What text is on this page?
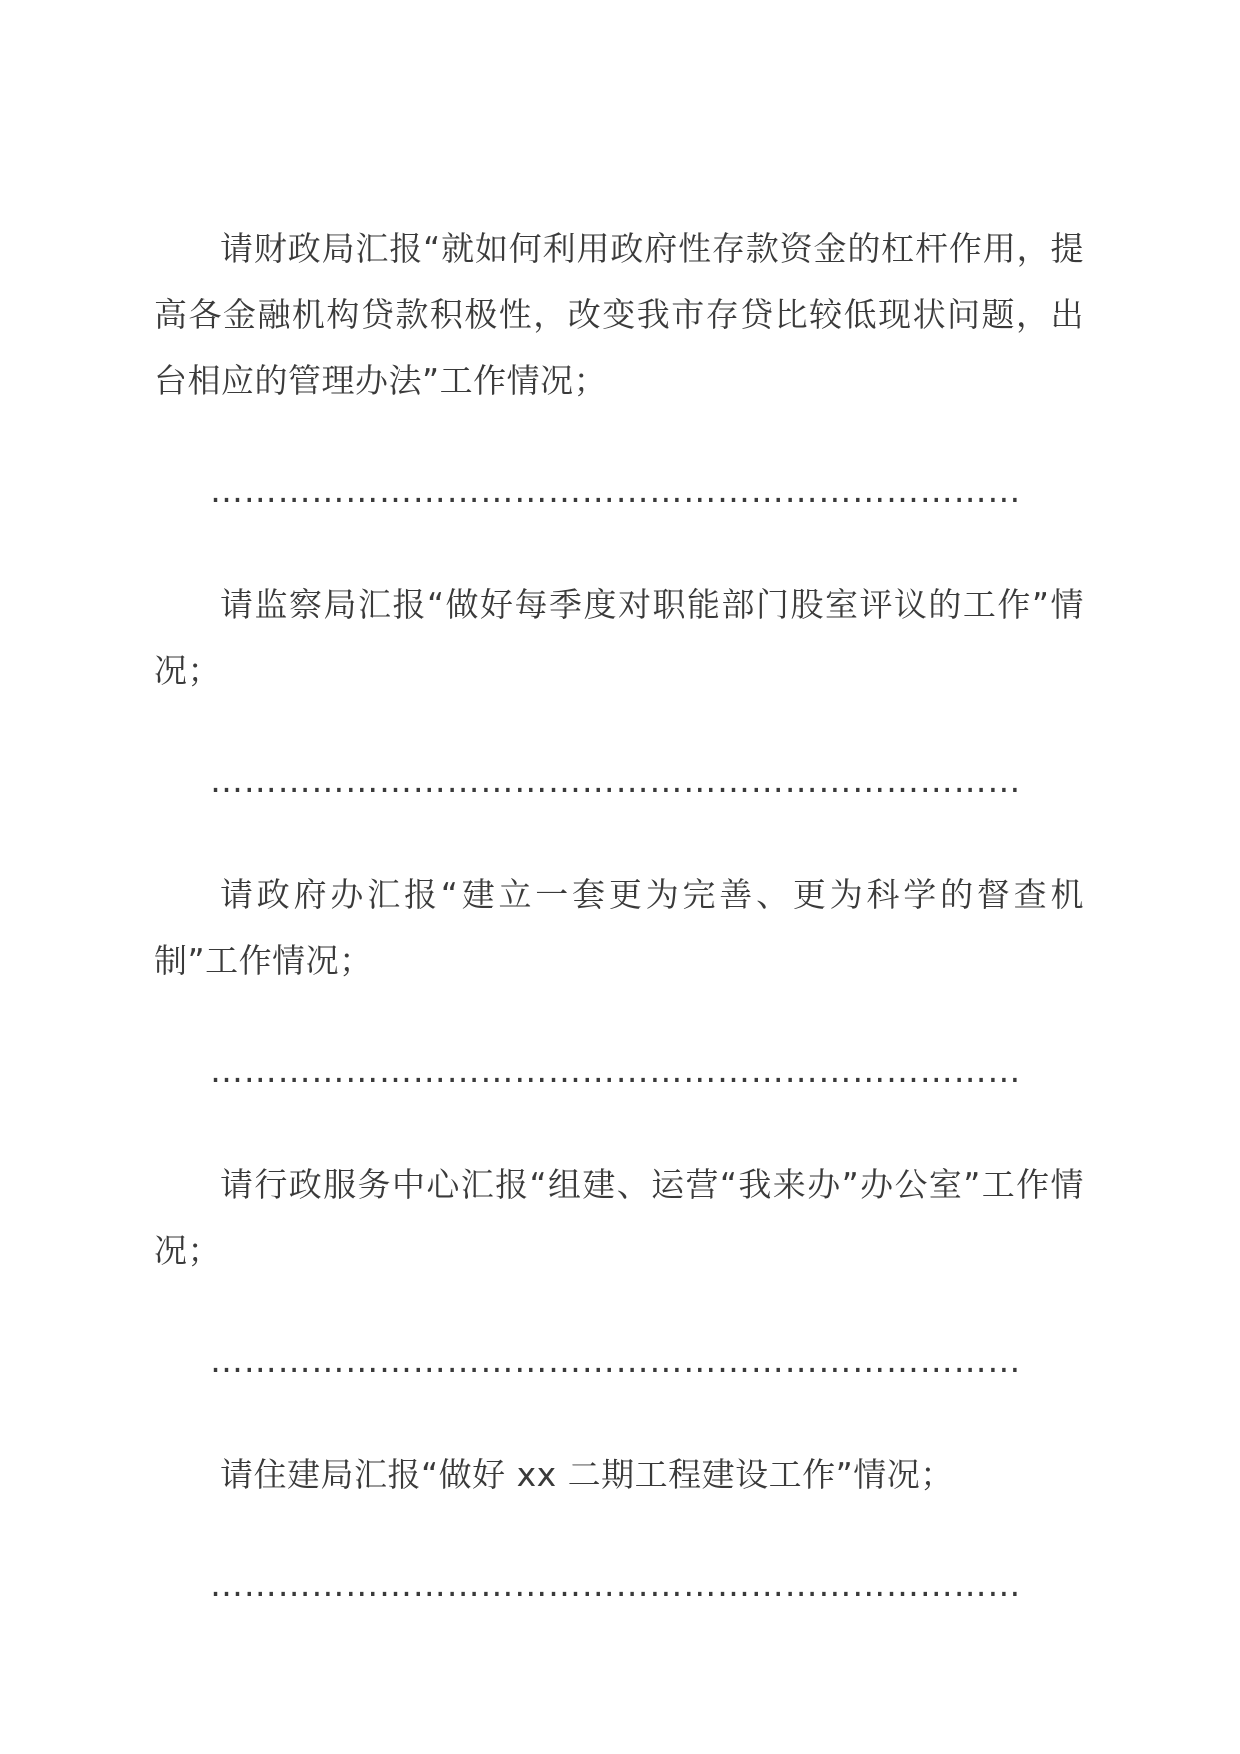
请财政局汇报“就如何利用政府性存款资金的杠杆作用，提高各金融机构贷款积极性，改变我市存贷比较低现状问题，出台相应的管理办法”工作情况；

………………………………………………………………

请监察局汇报“做好每季度对职能部门股室评议的工作”情况；

………………………………………………………………

请政府办汇报“建立一套更为完善、更为科学的督查机制”工作情况；

………………………………………………………………

请行政服务中心汇报“组建、运营“我来办”办公室”工作情况；

………………………………………………………………

请住建局汇报“做好 xx 二期工程建设工作”情况；

………………………………………………………………
